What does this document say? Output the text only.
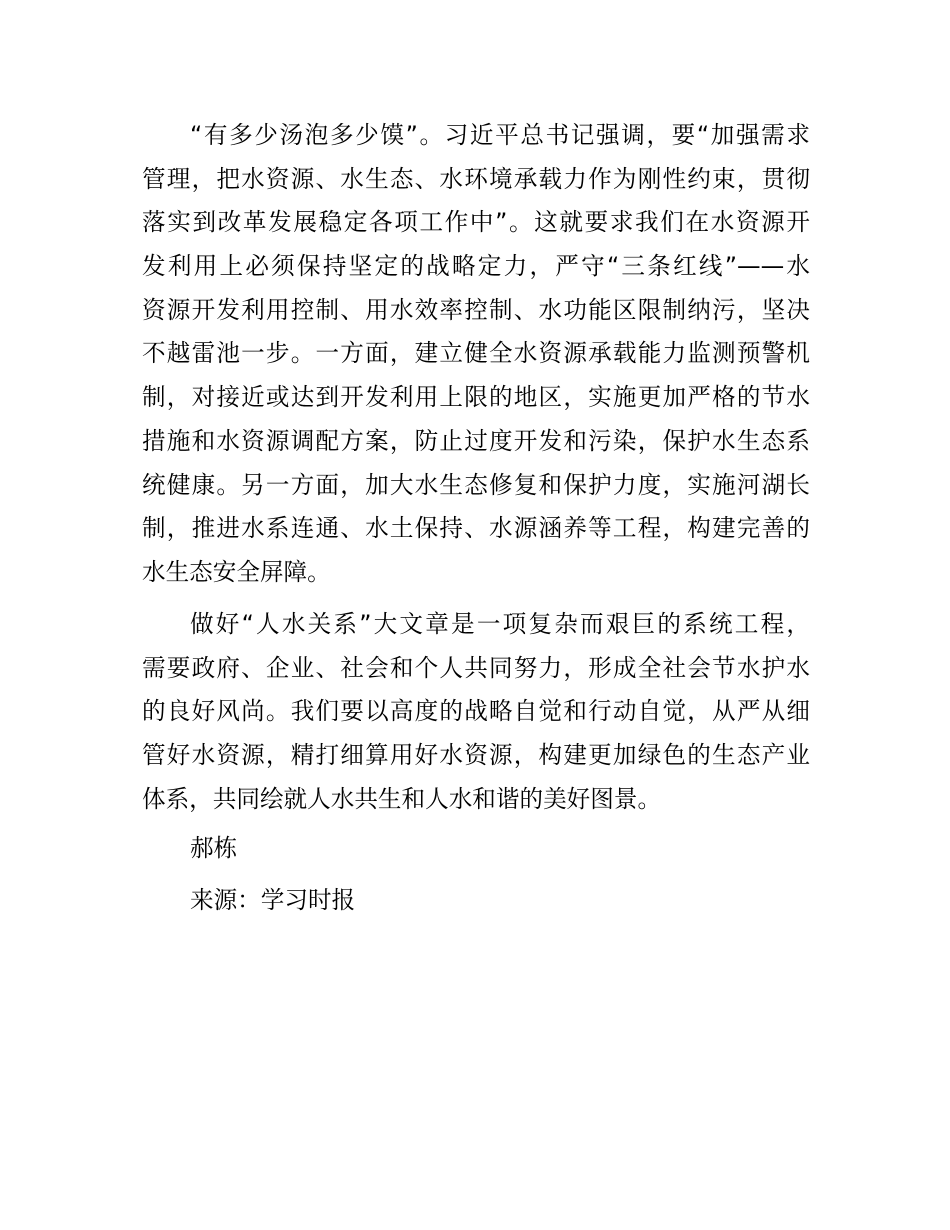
“有多少汤泡多少馍”。习近平总书记强调，要“加强需求
管理，把水资源、水生态、水环境承载力作为刚性约束，贯彻
落实到改革发展稳定各项工作中”。这就要求我们在水资源开
发利用上必须保持坚定的战略定力，严守“三条红线”——水
资源开发利用控制、用水效率控制、水功能区限制纳污，坚决
不越雷池一步。一方面，建立健全水资源承载能力监测预警机
制，对接近或达到开发利用上限的地区，实施更加严格的节水
措施和水资源调配方案，防止过度开发和污染，保护水生态系
统健康。另一方面，加大水生态修复和保护力度，实施河湖长
制，推进水系连通、水土保持、水源涵养等工程，构建完善的
水生态安全屏障。
做好“人水关系”大文章是一项复杂而艰巨的系统工程，
需要政府、企业、社会和个人共同努力，形成全社会节水护水
的良好风尚。我们要以高度的战略自觉和行动自觉，从严从细
管好水资源，精打细算用好水资源，构建更加绿色的生态产业
体系，共同绘就人水共生和人水和谐的美好图景。
郝栋
来源：学习时报
